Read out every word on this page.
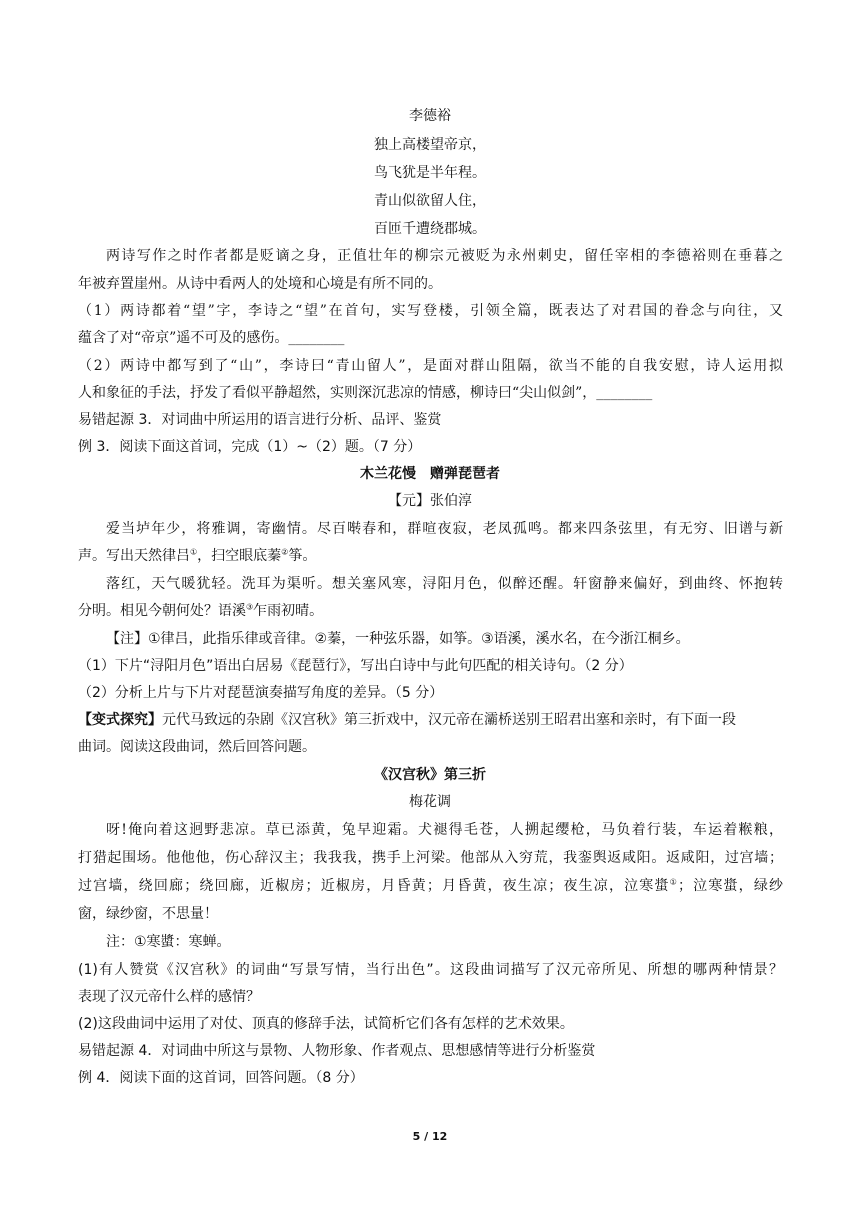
李德裕
独上高楼望帝京，
鸟飞犹是半年程。
青山似欲留人住，
百匝千遭绕郡城。
两诗写作之时作者都是贬谪之身，正值壮年的柳宗元被贬为永州刺史，留任宰相的李德裕则在垂暮之
年被弃置崖州。从诗中看两人的处境和心境是有所不同的。
（1）两诗都着“望”字，李诗之“望”在首句，实写登楼，引领全篇，既表达了对君国的眷念与向往，又
蕴含了对“帝京”遥不可及的感伤。________
（2）两诗中都写到了“山”，李诗曰“青山留人”，是面对群山阻隔，欲当不能的自我安慰，诗人运用拟
人和象征的手法，抒发了看似平静超然，实则深沉悲凉的情感，柳诗曰“尖山似剑”，________
易错起源 3．对词曲中所运用的语言进行分析、品评、鉴赏
例 3．阅读下面这首词，完成（1）~（2）题。（7 分）
木兰花慢　赠弹琵琶者
【元】张伯淳
爱当垆年少，将雅调，寄幽情。尽百啭春和，群喧夜寂，老凤孤鸣。都来四条弦里，有无穷、旧谱与新
声。写出天然律吕①，扫空眼底蓁②筝。
落红，天气暖犹轻。洗耳为渠听。想关塞风寒，浔阳月色，似醉还醒。轩窗静来偏好，到曲终、怀抱转
分明。相见今朝何处？语溪③乍雨初晴。
【注】①律吕，此指乐律或音律。②蓁，一种弦乐器，如筝。③语溪，溪水名，在今浙江桐乡。
（1）下片“浔阳月色”语出白居易《琵琶行》，写出白诗中与此句匹配的相关诗句。（2 分）
（2）分析上片与下片对琵琶演奏描写角度的差异。（5 分）
【变式探究】元代马致远的杂剧《汉宫秋》第三折戏中，汉元帝在灞桥送别王昭君出塞和亲时，有下面一段
曲词。阅读这段曲词，然后回答问题。
《汉宫秋》第三折
梅花调
呀!俺向着这迥野悲凉。草已添黄，兔早迎霜。犬褪得毛苍，人搠起缨枪，马负着行装，车运着糇粮，
打猎起围场。他他他，伤心辞汉主；我我我，携手上河梁。他部从入穷荒，我銮舆返咸阳。返咸阳，过宫墙；
过宫墙，绕回廊；绕回廊，近椒房；近椒房，月昏黄；月昏黄，夜生凉；夜生凉，泣寒螀①；泣寒螀，绿纱
窗，绿纱窗，不思量！
注：①寒螿：寒蝉。
(1)有人赞赏《汉宫秋》的词曲“写景写情，当行出色”。这段曲词描写了汉元帝所见、所想的哪两种情景？
表现了汉元帝什么样的感情？
(2)这段曲词中运用了对仗、顶真的修辞手法，试简析它们各有怎样的艺术效果。
易错起源 4．对词曲中所这与景物、人物形象、作者观点、思想感情等进行分析鉴赏
例 4．阅读下面的这首词，回答问题。（8 分）
5 / 12
